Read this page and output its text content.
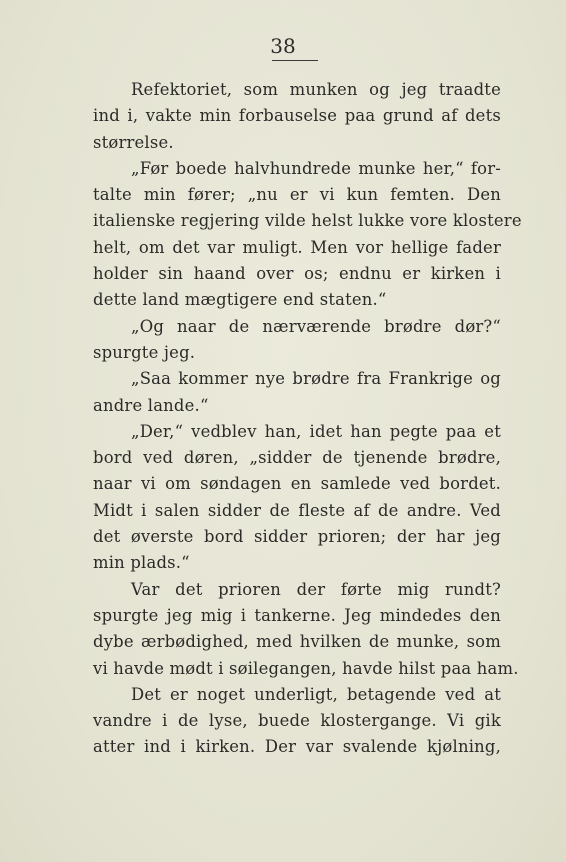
38
Refektoriet, som munken og jeg traadte
ind i, vakte min forbauselse paa grund af dets
størrelse.
„Før boede halvhundrede munke her,“ for-
talte min fører; „nu er vi kun femten. Den
italienske regjering vilde helst lukke vore klostere
helt, om det var muligt. Men vor hellige fader
holder sin haand over os; endnu er kirken i
dette land mægtigere end staten.“
„Og naar de nærværende brødre dør?“
spurgte jeg.
„Saa kommer nye brødre fra Frankrige og
andre lande.“
„Der,“ vedblev han, idet han pegte paa et
bord ved døren, „sidder de tjenende brødre,
naar vi om søndagen en samlede ved bordet.
Midt i salen sidder de fleste af de andre. Ved
det øverste bord sidder prioren; der har jeg
min plads.“
Var det prioren der førte mig rundt?
spurgte jeg mig i tankerne. Jeg mindedes den
dybe ærbødighed, med hvilken de munke, som
vi havde mødt i søilegangen, havde hilst paa ham.
Det er noget underligt, betagende ved at
vandre i de lyse, buede klostergange. Vi gik
atter ind i kirken. Der var svalende kjølning,
